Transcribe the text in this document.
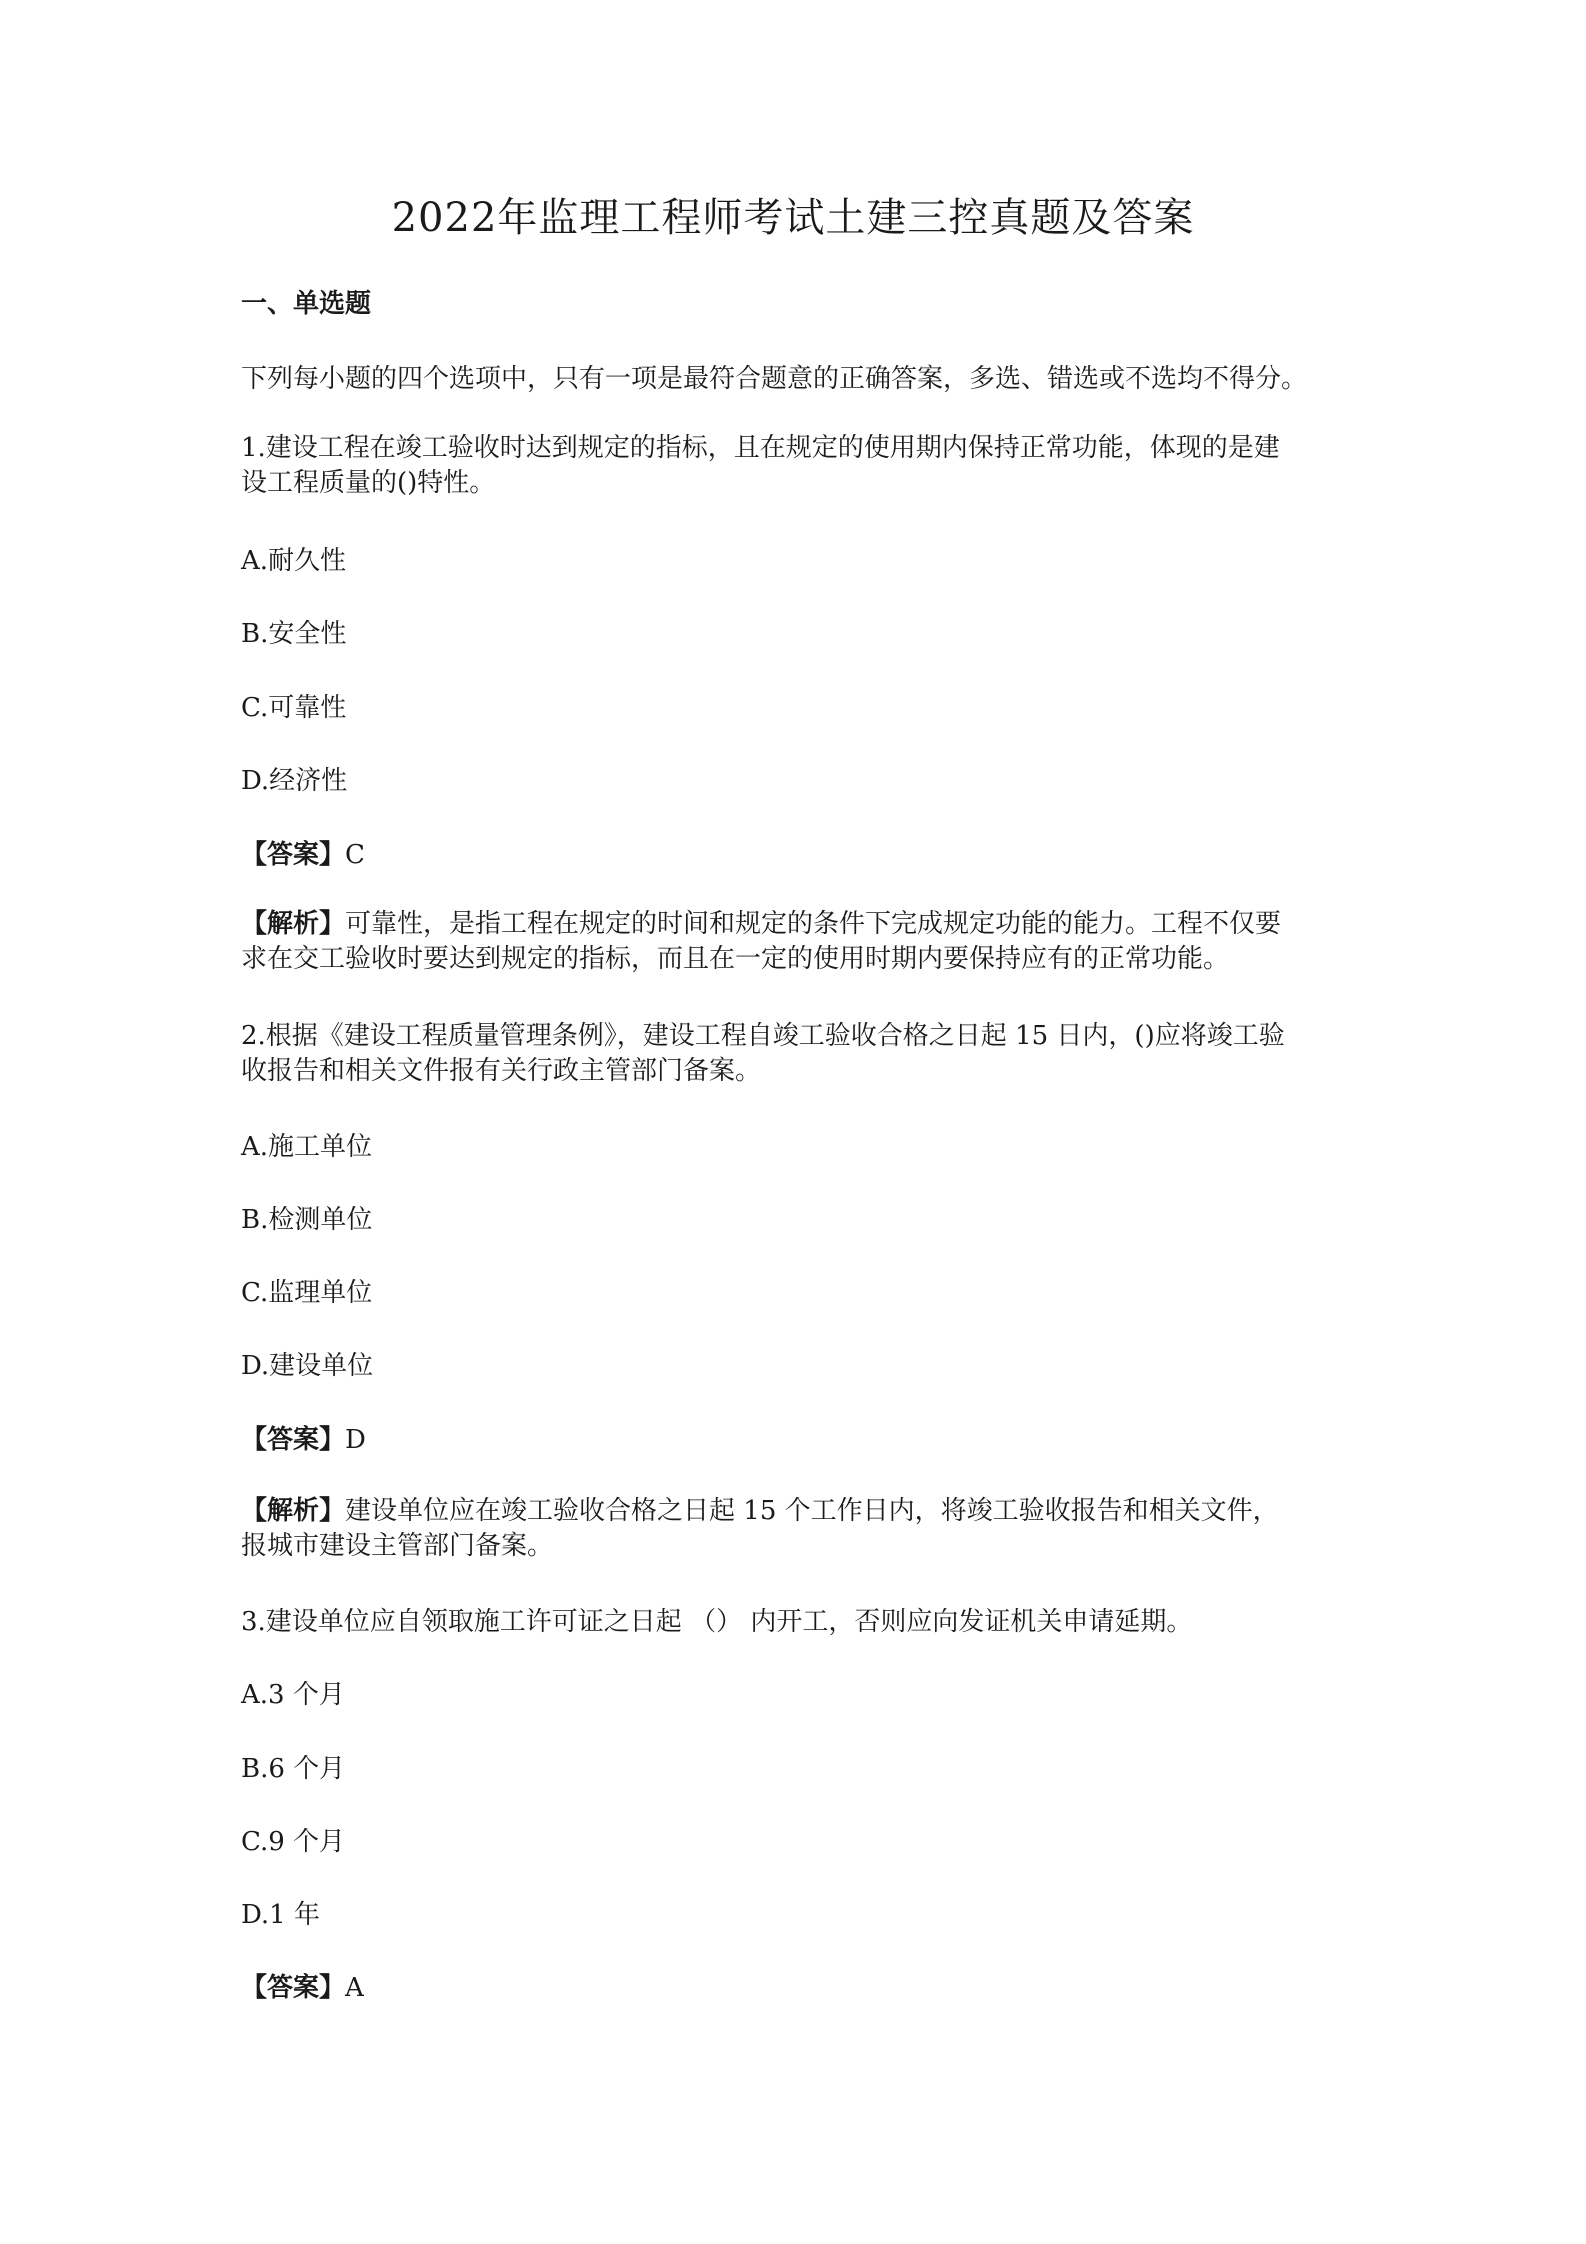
2022年监理工程师考试土建三控真题及答案
一、单选题
下列每小题的四个选项中，只有一项是最符合题意的正确答案，多选、错选或不选均不得分。
1.建设工程在竣工验收时达到规定的指标，且在规定的使用期内保持正常功能，体现的是建
设工程质量的()特性。
A.耐久性
B.安全性
C.可靠性
D.经济性
【答案】C
【解析】可靠性，是指工程在规定的时间和规定的条件下完成规定功能的能力。工程不仅要
求在交工验收时要达到规定的指标，而且在一定的使用时期内要保持应有的正常功能。
2.根据《建设工程质量管理条例》，建设工程自竣工验收合格之日起 15 日内，()应将竣工验
收报告和相关文件报有关行政主管部门备案。
A.施工单位
B.检测单位
C.监理单位
D.建设单位
【答案】D
【解析】建设单位应在竣工验收合格之日起 15 个工作日内，将竣工验收报告和相关文件，
报城市建设主管部门备案。
3.建设单位应自领取施工许可证之日起 （） 内开工，否则应向发证机关申请延期。
A.3 个月
B.6 个月
C.9 个月
D.1 年
【答案】A
